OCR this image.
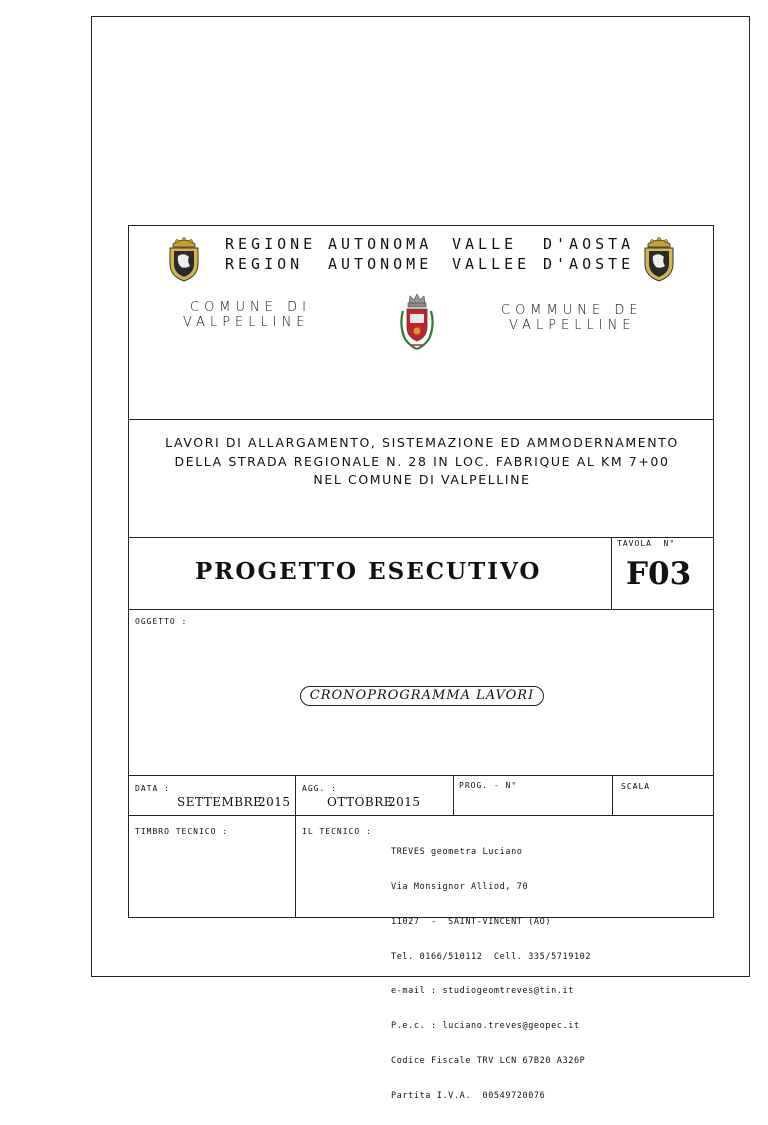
REGIONE AUTONOMA VALLE D'AOSTA
REGION AUTONOME VALLEE D'AOSTE
COMUNE DI
VALPELLINE
COMMUNE DE
VALPELLINE
LAVORI DI ALLARGAMENTO, SISTEMAZIONE ED AMMODERNAMENTO
DELLA STRADA REGIONALE N. 28 IN LOC. FABRIQUE AL KM 7+00
NEL COMUNE DI VALPELLINE
PROGETTO ESECUTIVO
TAVOLA  N°
F03
OGGETTO :
CRONOPROGRAMMA LAVORI
DATA :
SETTEMBRE
2015
AGG. :
OTTOBRE
2015
PROG. - N°	SCALA
TIMBRO TECNICO :	IL TECNICO :

TREVES geometra Luciano

Via Monsignor Alliod, 70

11027  -  SAINT-VINCENT (AO)

Tel. 0166/510112  Cell. 335/5719102

e-mail : studiogeomtreves@tin.it

P.e.c. : luciano.treves@geopec.it

Codice Fiscale TRV LCN 67B20 A326P

Partita I.V.A.  00549720076
